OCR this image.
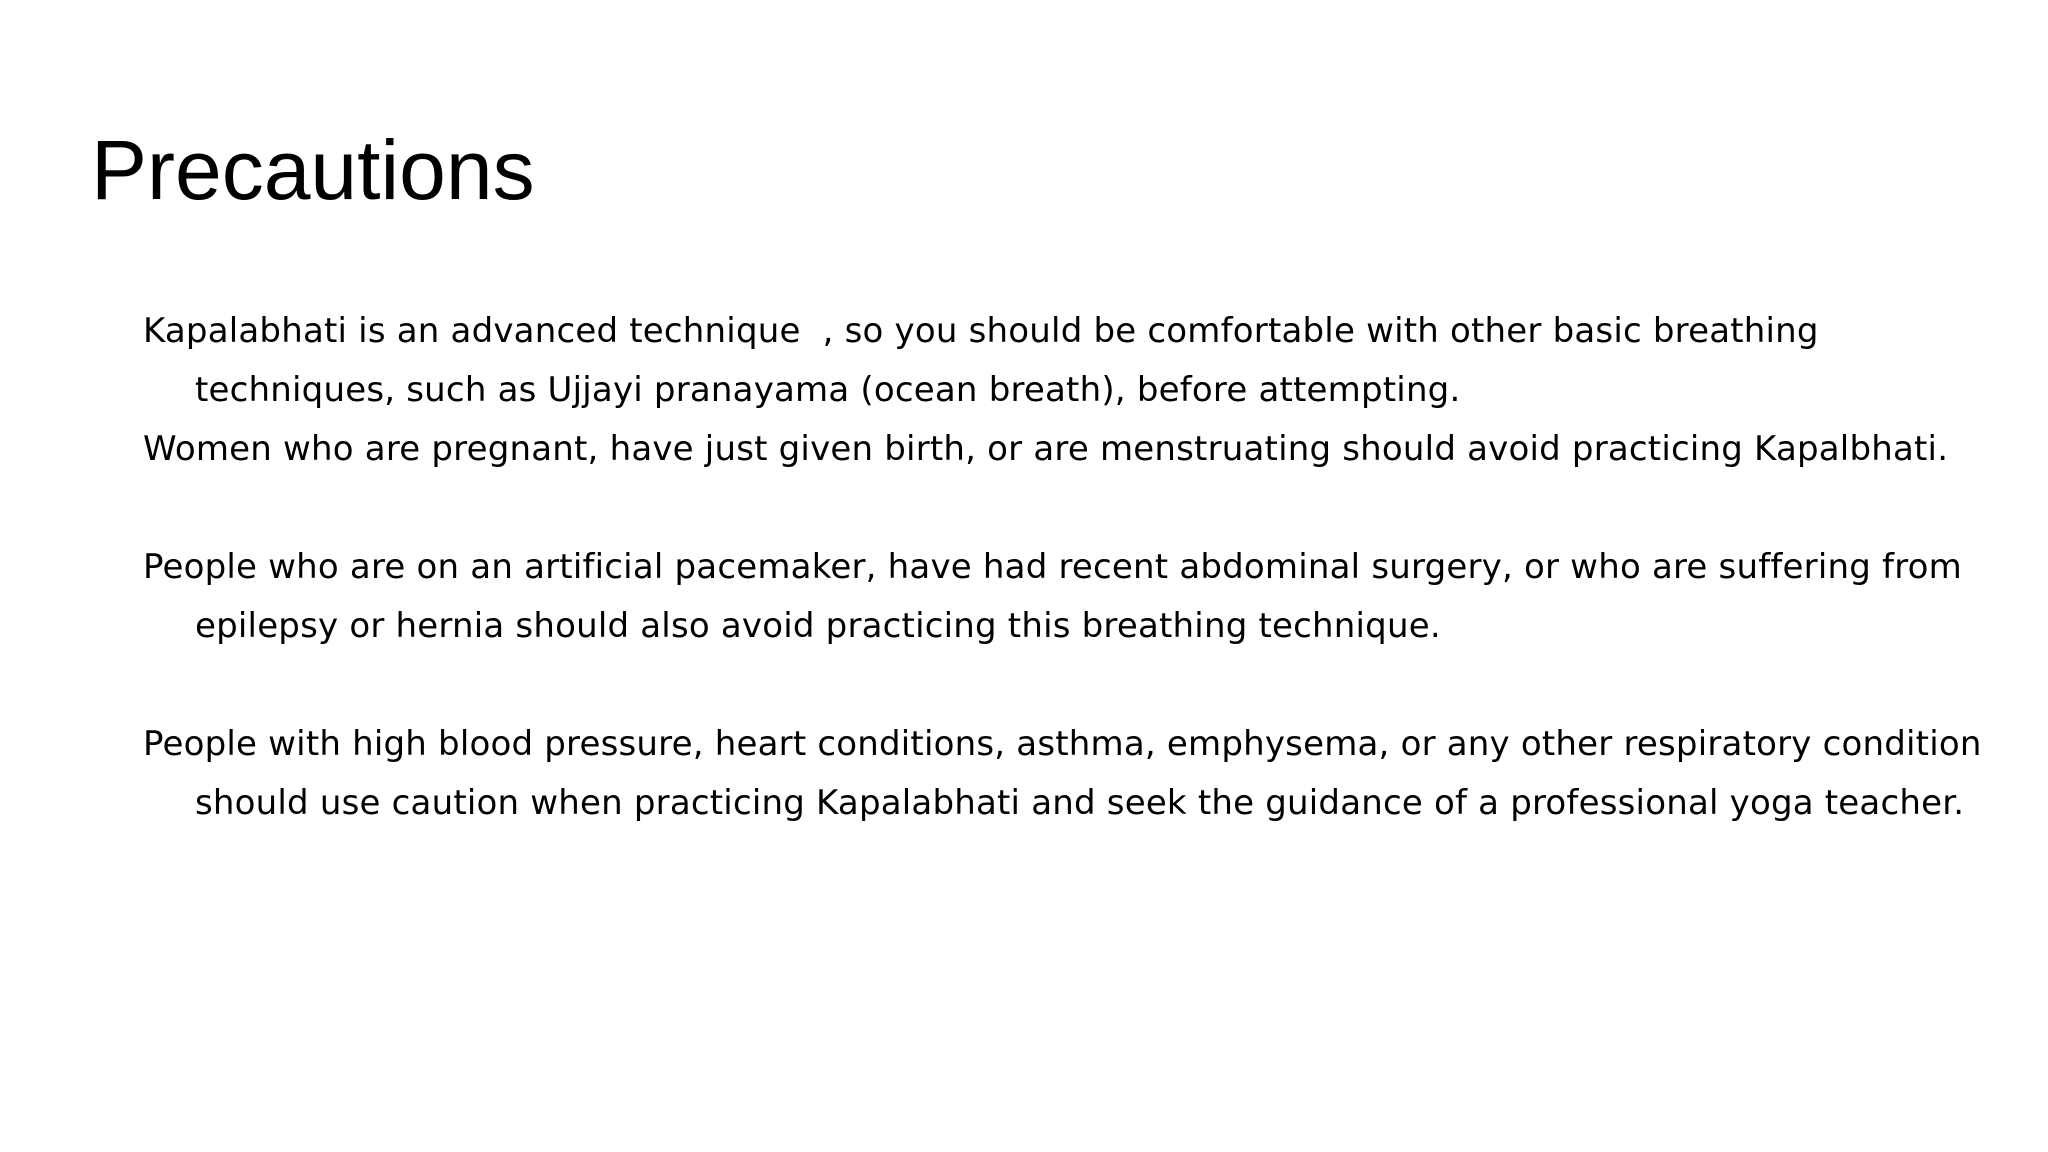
Precautions

Kapalabhati is an advanced technique  , so you should be comfortable with other basic breathing techniques, such as Ujjayi pranayama (ocean breath), before attempting.

Women who are pregnant, have just given birth, or are menstruating should avoid practicing Kapalbhati.

People who are on an artificial pacemaker, have had recent abdominal surgery, or who are suffering from epilepsy or hernia should also avoid practicing this breathing technique.

People with high blood pressure, heart conditions, asthma, emphysema, or any other respiratory condition should use caution when practicing Kapalabhati and seek the guidance of a professional yoga teacher.
